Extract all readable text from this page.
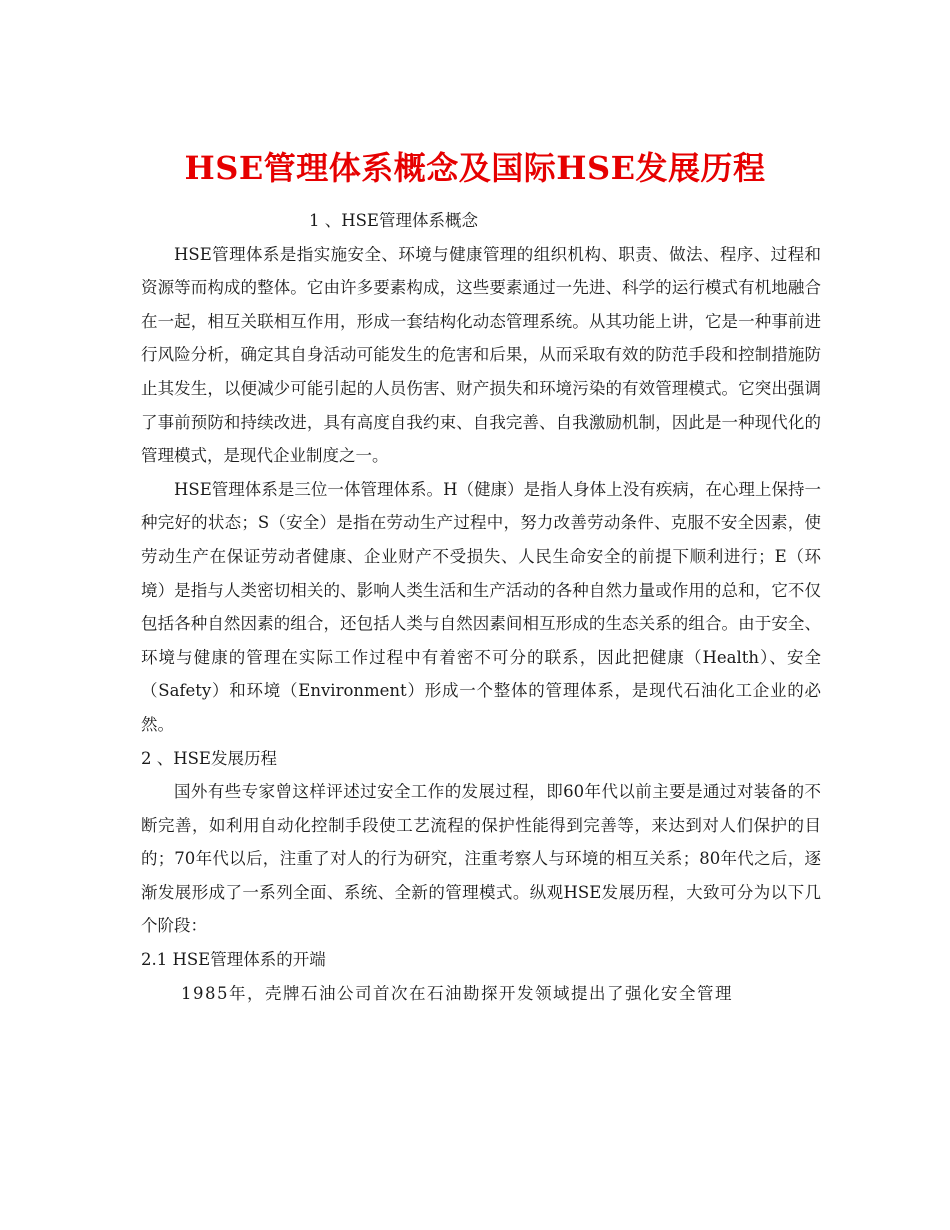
HSE管理体系概念及国际HSE发展历程

1 、HSE管理体系概念

HSE管理体系是指实施安全、环境与健康管理的组织机构、职责、做法、程序、过程和资源等而构成的整体。它由许多要素构成，这些要素通过一先进、科学的运行模式有机地融合在一起，相互关联相互作用，形成一套结构化动态管理系统。从其功能上讲，它是一种事前进行风险分析，确定其自身活动可能发生的危害和后果，从而采取有效的防范手段和控制措施防止其发生，以便减少可能引起的人员伤害、财产损失和环境污染的有效管理模式。它突出强调了事前预防和持续改进，具有高度自我约束、自我完善、自我激励机制，因此是一种现代化的管理模式，是现代企业制度之一。

HSE管理体系是三位一体管理体系。H（健康）是指人身体上没有疾病，在心理上保持一种完好的状态；S（安全）是指在劳动生产过程中，努力改善劳动条件、克服不安全因素，使劳动生产在保证劳动者健康、企业财产不受损失、人民生命安全的前提下顺利进行；E（环境）是指与人类密切相关的、影响人类生活和生产活动的各种自然力量或作用的总和，它不仅包括各种自然因素的组合，还包括人类与自然因素间相互形成的生态关系的组合。由于安全、环境与健康的管理在实际工作过程中有着密不可分的联系，因此把健康（Health）、安全（Safety）和环境（Environment）形成一个整体的管理体系，是现代石油化工企业的必然。

2 、HSE发展历程

国外有些专家曾这样评述过安全工作的发展过程，即60年代以前主要是通过对装备的不断完善，如利用自动化控制手段使工艺流程的保护性能得到完善等，来达到对人们保护的目的；70年代以后，注重了对人的行为研究，注重考察人与环境的相互关系；80年代之后，逐渐发展形成了一系列全面、系统、全新的管理模式。纵观HSE发展历程，大致可分为以下几个阶段：

2.1 HSE管理体系的开端

1985年，壳牌石油公司首次在石油勘探开发领域提出了强化安全管理
